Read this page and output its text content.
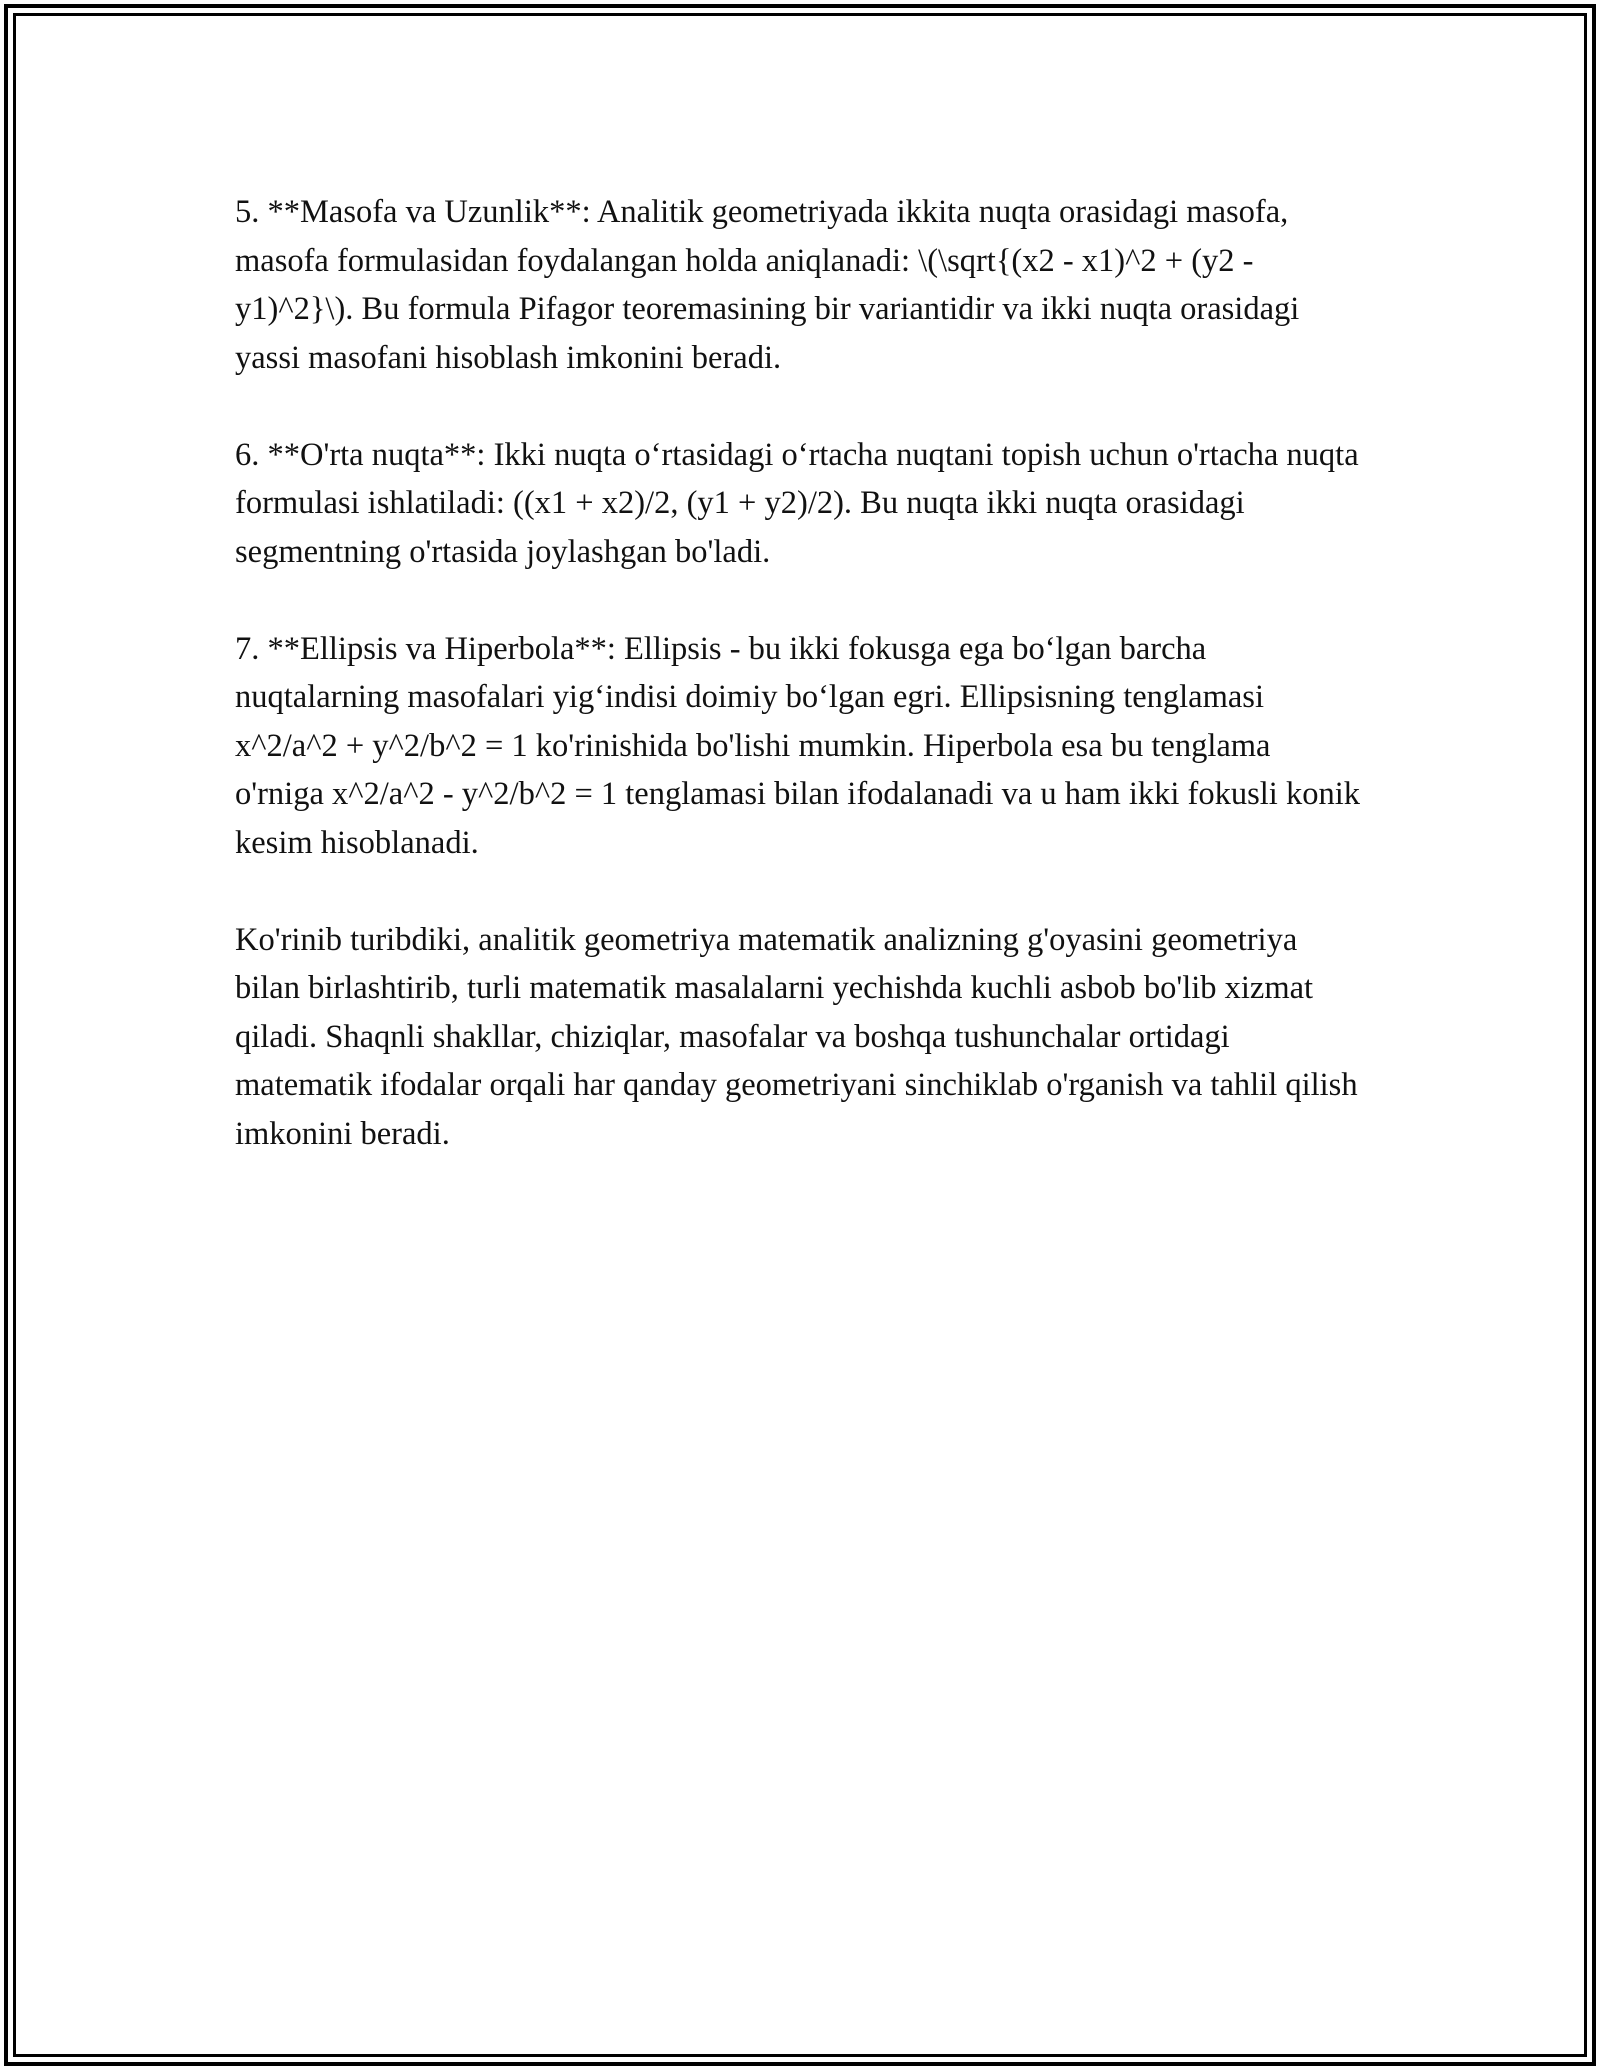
5. **Masofa va Uzunlik**: Analitik geometriyada ikkita nuqta orasidagi masofa, masofa formulasidan foydalangan holda aniqlanadi: \(\sqrt{(x2 - x1)^2 + (y2 - y1)^2}\). Bu formula Pifagor teoremasining bir variantidir va ikki nuqta orasidagi yassi masofani hisoblash imkonini beradi.

6. **O'rta nuqta**: Ikki nuqta o‘rtasidagi o‘rtacha nuqtani topish uchun o'rtacha nuqta formulasi ishlatiladi: ((x1 + x2)/2, (y1 + y2)/2). Bu nuqta ikki nuqta orasidagi segmentning o'rtasida joylashgan bo'ladi.

7. **Ellipsis va Hiperbola**: Ellipsis - bu ikki fokusga ega bo‘lgan barcha nuqtalarning masofalari yig‘indisi doimiy bo‘lgan egri. Ellipsisning tenglamasi x^2/a^2 + y^2/b^2 = 1 ko'rinishida bo'lishi mumkin. Hiperbola esa bu tenglama o'rniga x^2/a^2 - y^2/b^2 = 1 tenglamasi bilan ifodalanadi va u ham ikki fokusli konik kesim hisoblanadi.

Ko'rinib turibdiki, analitik geometriya matematik analizning g'oyasini geometriya bilan birlashtirib, turli matematik masalalarni yechishda kuchli asbob bo'lib xizmat qiladi. Shaqnli shakllar, chiziqlar, masofalar va boshqa tushunchalar ortidagi matematik ifodalar orqali har qanday geometriyani sinchiklab o'rganish va tahlil qilish imkonini beradi.
